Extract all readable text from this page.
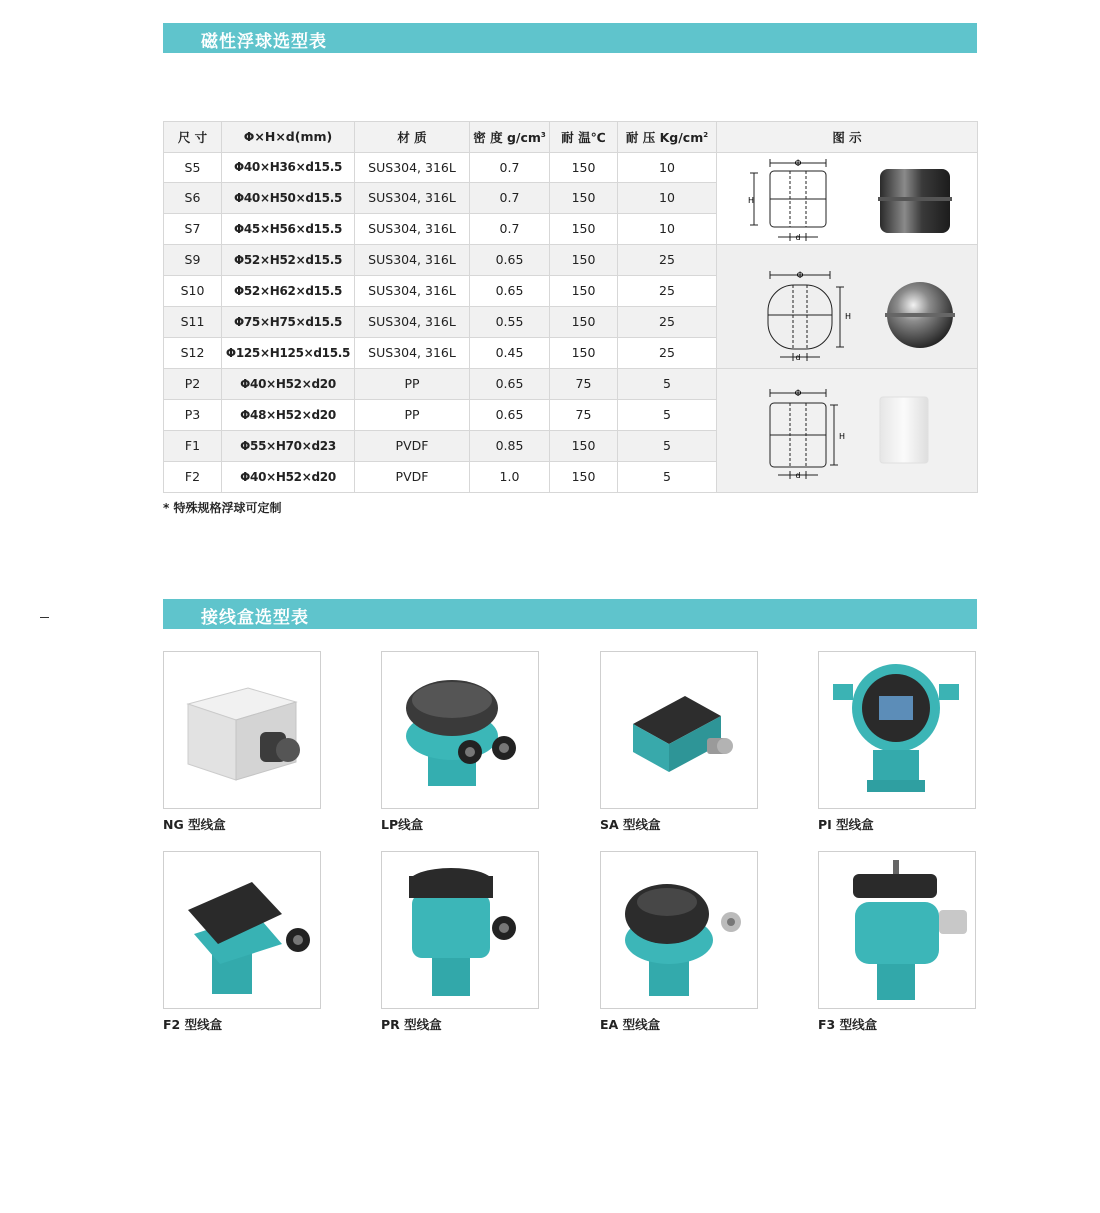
磁性浮球选型表
尺 寸	Φ×H×d(mm)	材 质	密 度 $g/cm^3$	耐 温℃	耐 压 $Kg/cm^2$	图 示
S5	Φ40×H36×d15.5	SUS304, 316L	0.7	150	10	Φ
H
d

S6	Φ40×H50×d15.5	SUS304, 316L	0.7	150	10	
S7	Φ45×H56×d15.5	SUS304, 316L	0.7	150	10	
S9	Φ52×H52×d15.5	SUS304, 316L	0.65	150	25	Φ
H
d

S10	Φ52×H62×d15.5	SUS304, 316L	0.65	150	25	
S11	Φ75×H75×d15.5	SUS304, 316L	0.55	150	25	
S12	Φ125×H125×d15.5	SUS304, 316L	0.45	150	25	
P2	Φ40×H52×d20	PP	0.65	75	5	Φ
H
d

P3	Φ48×H52×d20	PP	0.65	75	5	
F1	Φ55×H70×d23	PVDF	0.85	150	5	
F2	Φ40×H52×d20	PVDF	1.0	150	5	
* 特殊规格浮球可定制
接线盒选型表
NG 型线盒	LP线盒	SA 型线盒	PI 型线盒
F2 型线盒	PR 型线盒	EA 型线盒	F3 型线盒
